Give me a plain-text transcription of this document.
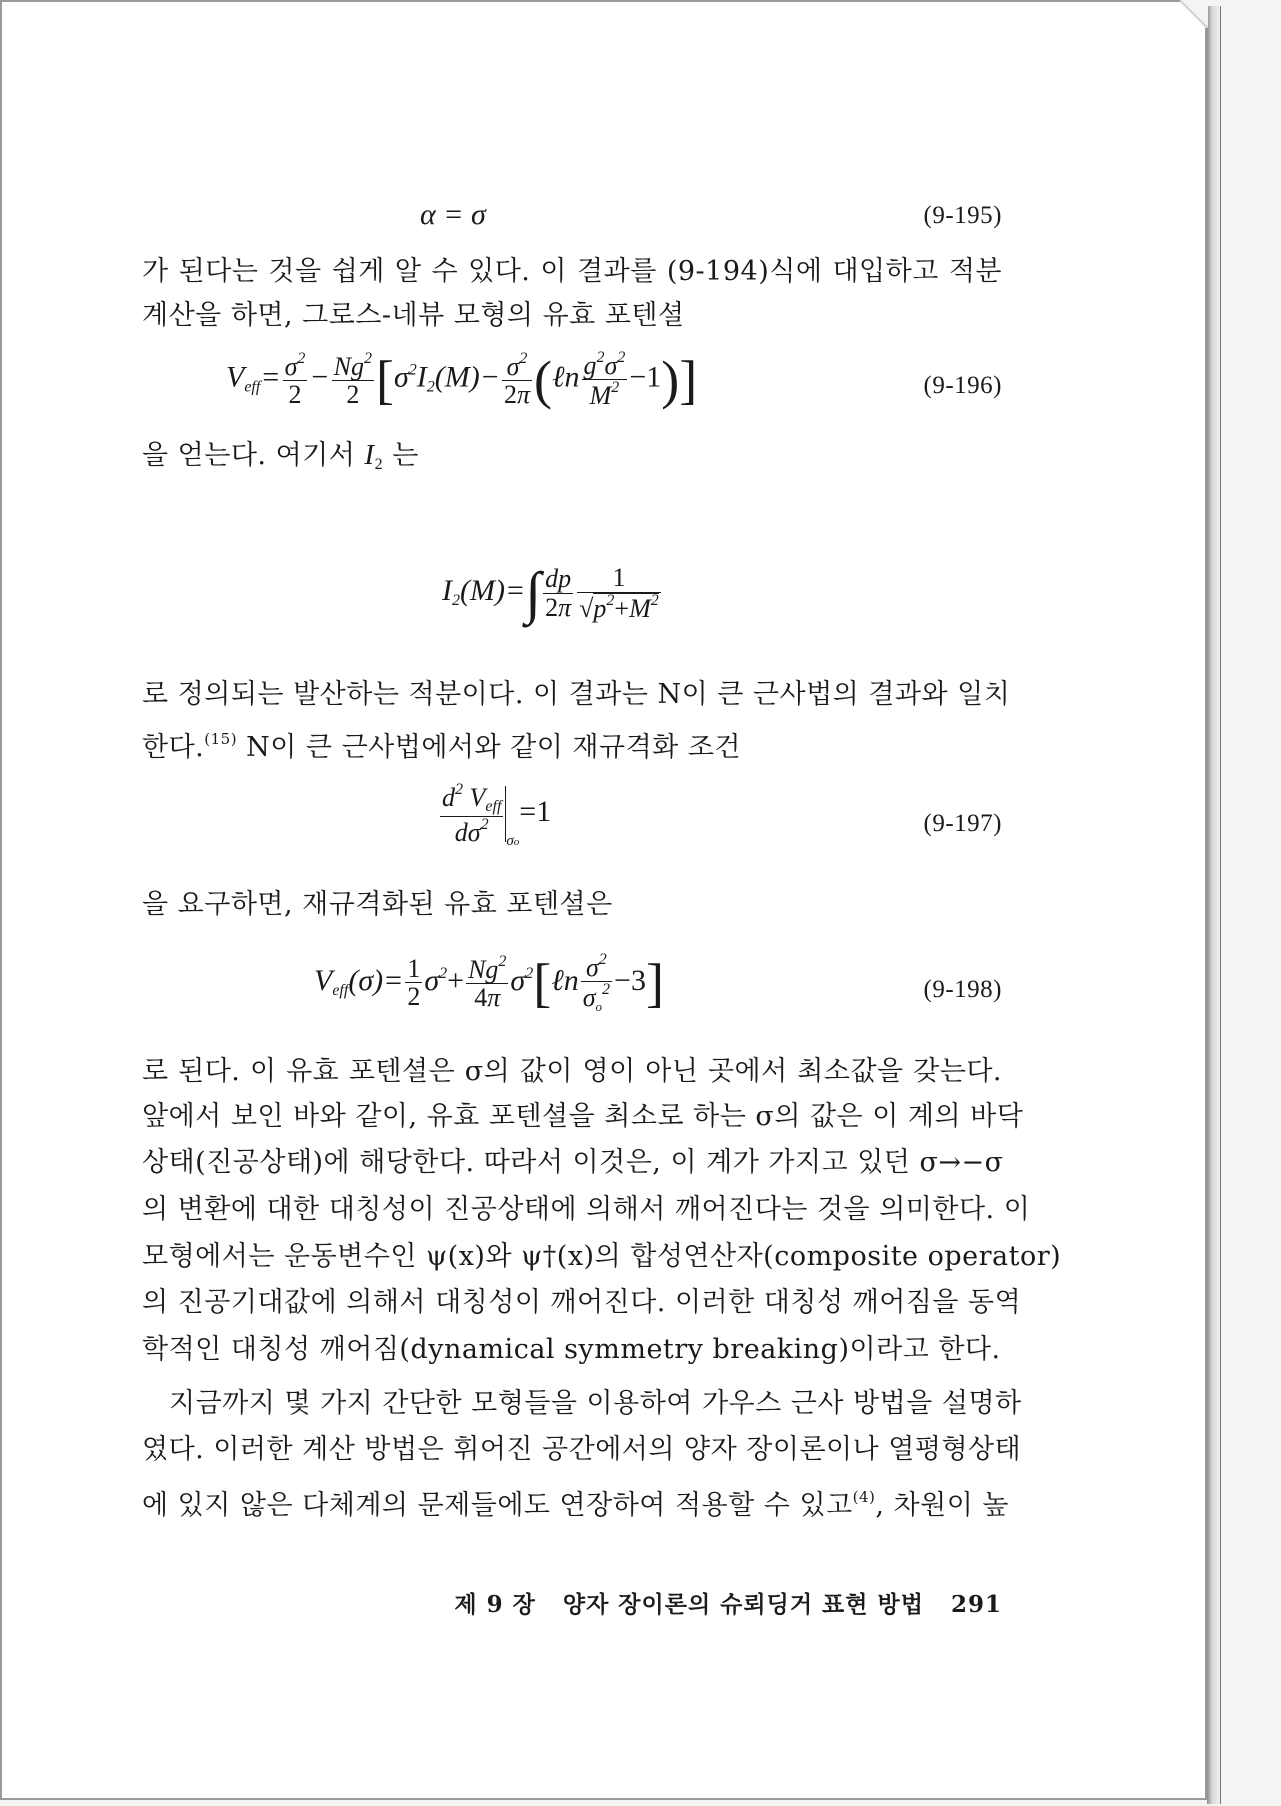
α = σ	(9-195)
가 된다는 것을 쉽게 알 수 있다. 이 결과를 (9-194)식에 대입하고 적분
계산을 하면, 그로스-네뷰 모형의 유효 포텐셜
$V_{eff}= \frac{\sigma^2}{2} - \frac{Ng^2}{2} [\sigma^2I_2(M)- \frac{\sigma^2}{2\pi}$ (ℓn $\frac{g^2\sigma^2}{M^2} -1$)]	(9-196)
을 얻는다. 여기서 $I_2$ 는
$I_2(M)=\int \frac{dp}{2\pi} \frac{1}{√p^2+M^2}$
로 정의되는 발산하는 적분이다. 이 결과는 N이 큰 근사법의 결과와 일치
한다.$^{(15)}$ N이 큰 근사법에서와 같이 재규격화 조건
$\frac{d^2 V_{eff}}{d\sigma^2} _{\sigma o}=1$	(9-197)
을 요구하면, 재규격화된 유효 포텐셜은
$V_{eff}(\sigma)= \frac{1}{2} \sigma^2+ \frac{Ng^2}{4\pi}$ $\sigma^2[\ell n \frac{\sigma^2}{\sigma_o^2} -3]$	(9-198)
로 된다. 이 유효 포텐셜은 σ의 값이 영이 아닌 곳에서 최소값을 갖는다.
앞에서 보인 바와 같이, 유효 포텐셜을 최소로 하는 σ의 값은 이 계의 바닥
상태(진공상태)에 해당한다. 따라서 이것은, 이 계가 가지고 있던 σ→−σ
의 변환에 대한 대칭성이 진공상태에 의해서 깨어진다는 것을 의미한다. 이
모형에서는 운동변수인 ψ(x)와 ψ†(x)의 합성연산자(composite operator)
의 진공기대값에 의해서 대칭성이 깨어진다. 이러한 대칭성 깨어짐을 동역
학적인 대칭성 깨어짐(dynamical symmetry breaking)이라고 한다.
지금까지 몇 가지 간단한 모형들을 이용하여 가우스 근사 방법을 설명하
였다. 이러한 계산 방법은 휘어진 공간에서의 양자 장이론이나 열평형상태
에 있지 않은 다체계의 문제들에도 연장하여 적용할 수 있고$^{(4)}$, 차원이 높
제 9 장 양자 장이론의 슈뢰딩거 표현 방법 291
